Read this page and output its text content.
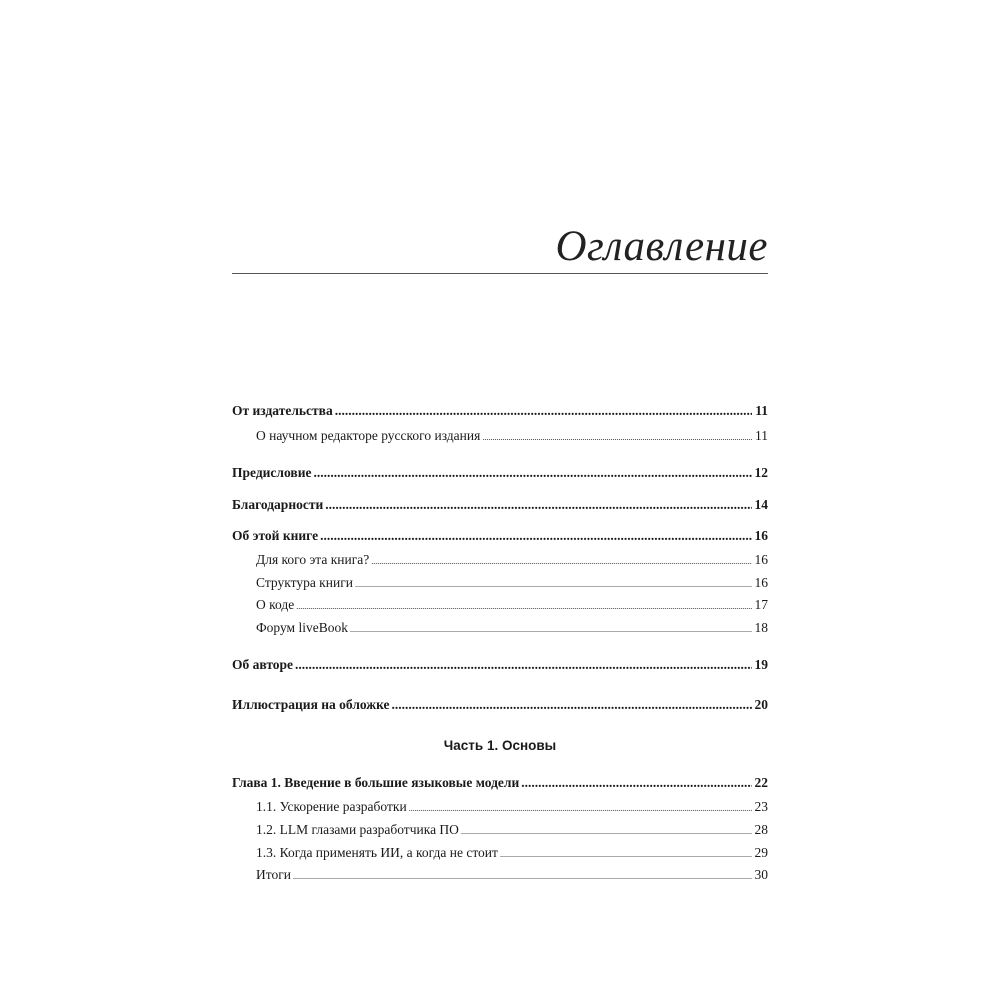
Оглавление
От издательства .....	11
О научном редакторе русского издания .....	11
Предисловие .....	12
Благодарности .....	14
Об этой книге .....	16
Для кого эта книга? .....	16
Структура книги .....	16
О коде .....	17
Форум liveBook .....	18
Об авторе .....	19
Иллюстрация на обложке .....	20
Часть 1. Основы
Глава 1. Введение в большие языковые модели .....	22
1.1. Ускорение разработки .....	23
1.2. LLM глазами разработчика ПО .....	28
1.3. Когда применять ИИ, а когда не стоит .....	29
Итоги .....	30
